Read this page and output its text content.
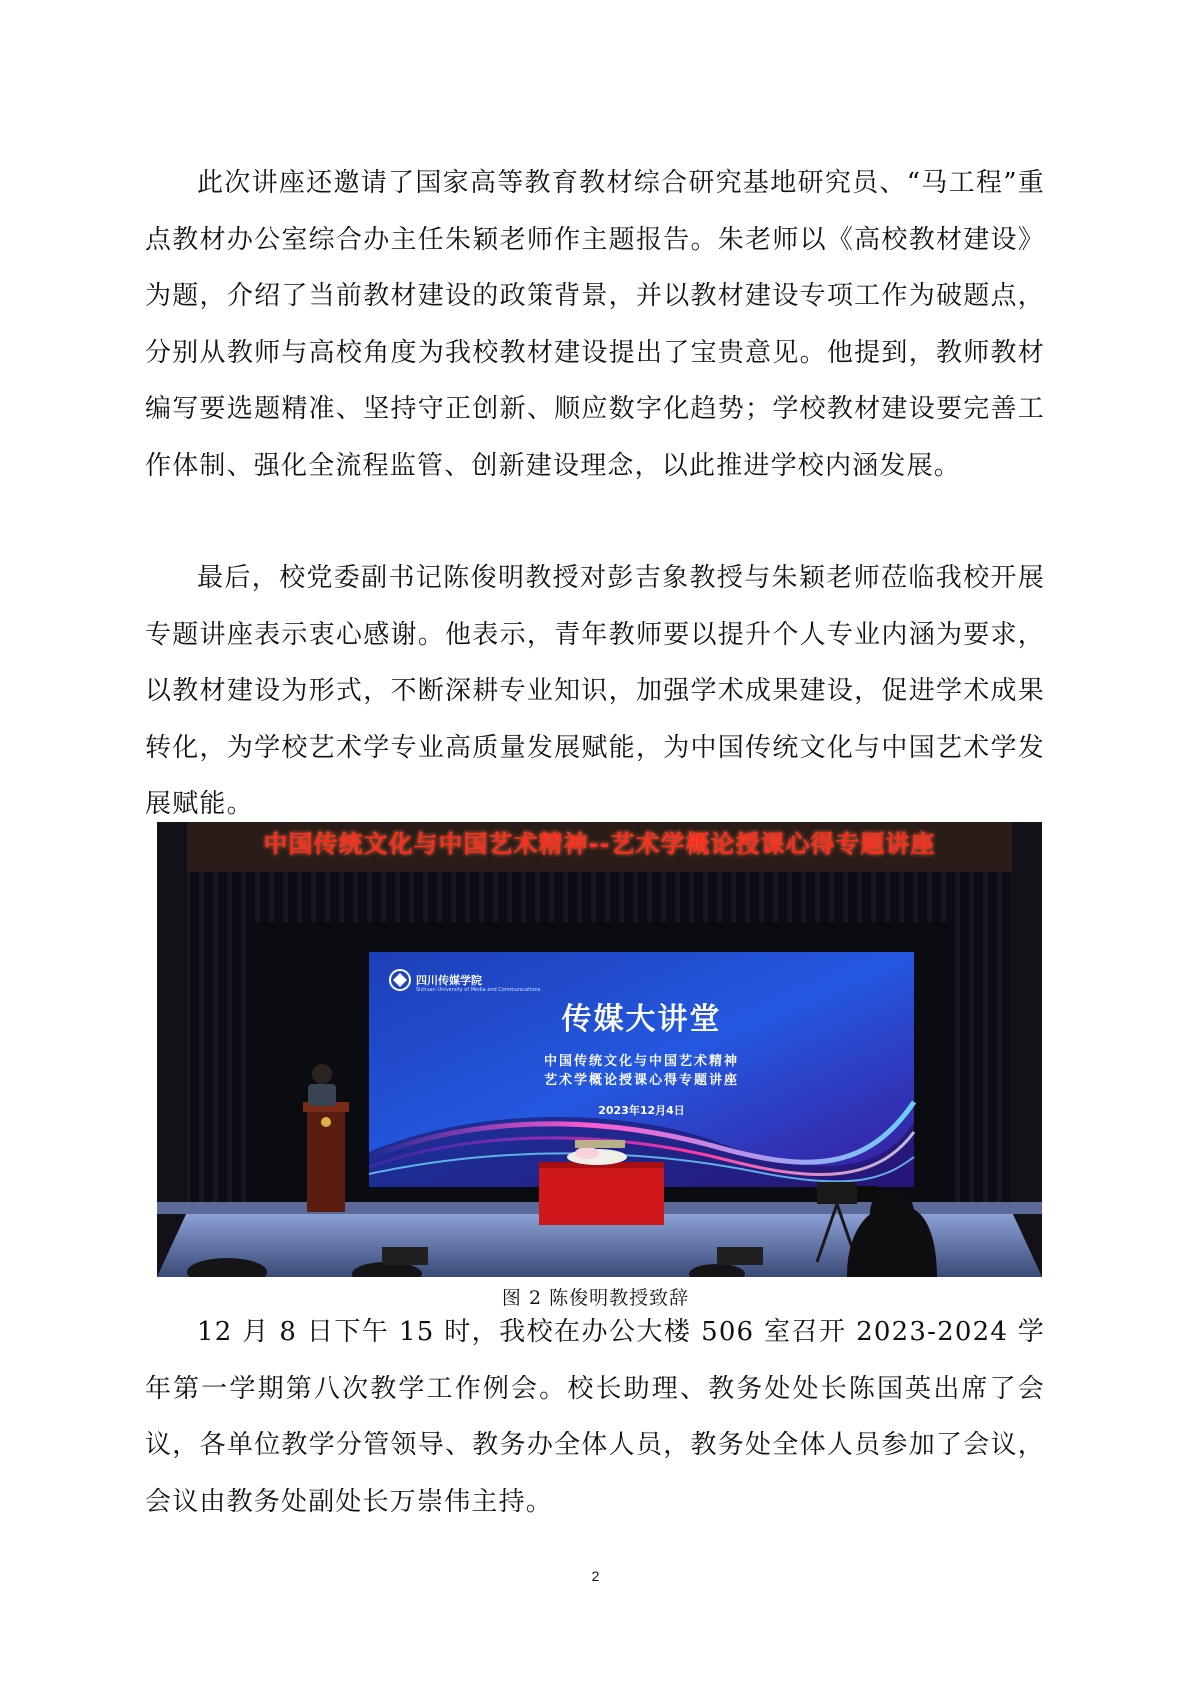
此次讲座还邀请了国家高等教育教材综合研究基地研究员、“马工程”重点教材办公室综合办主任朱颖老师作主题报告。朱老师以《高校教材建设》为题，介绍了当前教材建设的政策背景，并以教材建设专项工作为破题点，分别从教师与高校角度为我校教材建设提出了宝贵意见。他提到，教师教材编写要选题精准、坚持守正创新、顺应数字化趋势；学校教材建设要完善工作体制、强化全流程监管、创新建设理念，以此推进学校内涵发展。

最后，校党委副书记陈俊明教授对彭吉象教授与朱颖老师莅临我校开展专题讲座表示衷心感谢。他表示，青年教师要以提升个人专业内涵为要求，以教材建设为形式，不断深耕专业知识，加强学术成果建设，促进学术成果转化，为学校艺术学专业高质量发展赋能，为中国传统文化与中国艺术学发展赋能。

中国传统文化与中国艺术精神--艺术学概论授课心得专题讲座
四川传媒学院
Sichuan University of Media and Communications
传媒大讲堂
中国传统文化与中国艺术精神
艺术学概论授课心得专题讲座
2023年12月4日
图 2 陈俊明教授致辞

12 月 8 日下午 15 时，我校在办公大楼 506 室召开 2023-2024 学年第一学期第八次教学工作例会。校长助理、教务处处长陈国英出席了会议，各单位教学分管领导、教务办全体人员，教务处全体人员参加了会议，会议由教务处副处长万崇伟主持。

2
